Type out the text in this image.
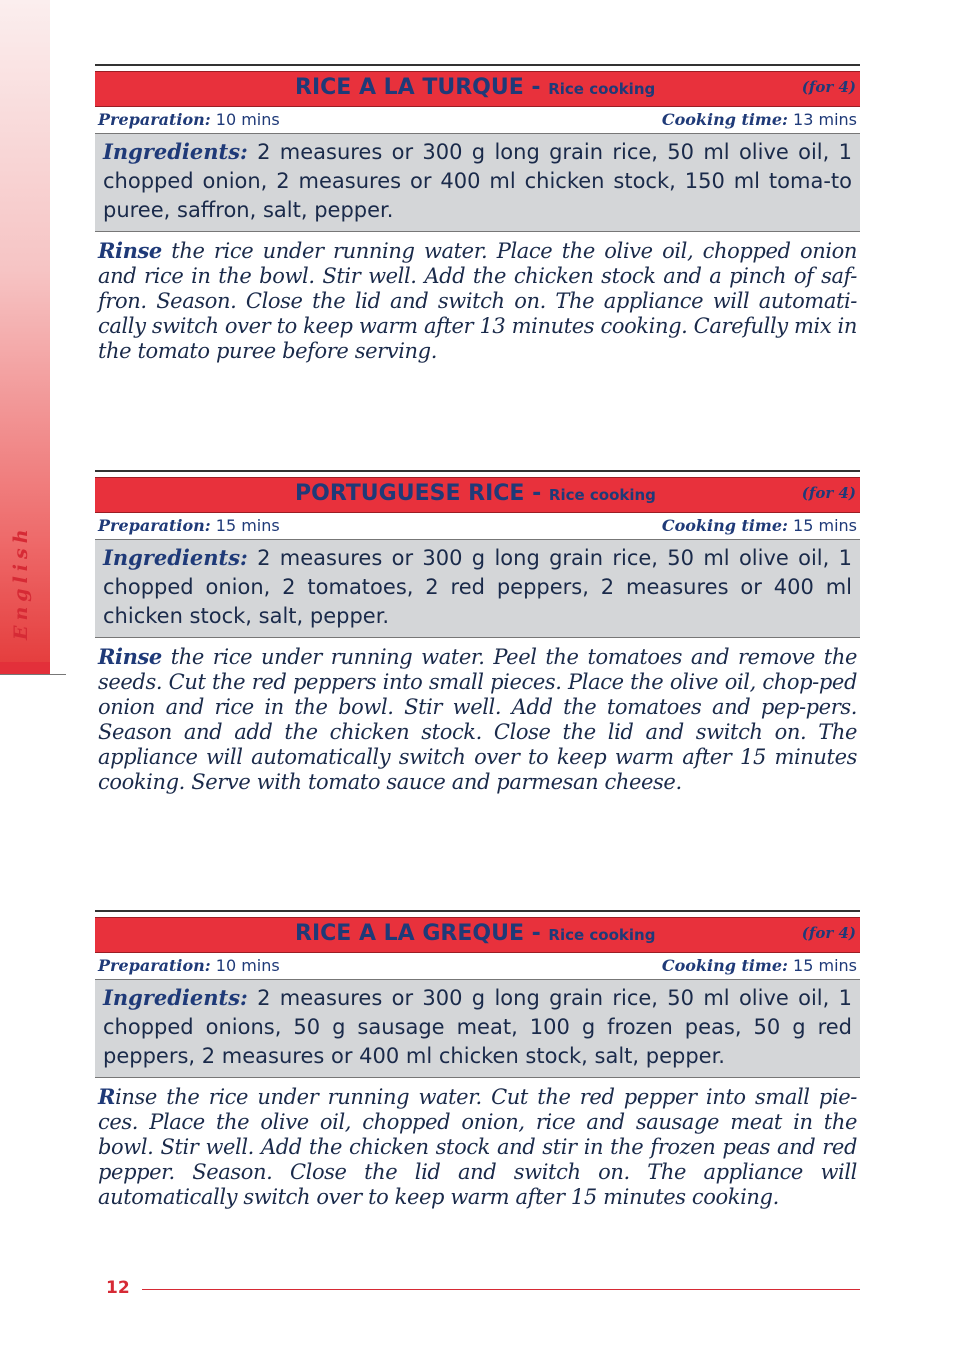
English
RICE A LA TURQUE - Rice cooking	(for 4)
Preparation: 10 mins	Cooking time: 13 mins
Ingredients: 2 measures or 300 g long grain rice, 50 ml olive oil, 1 chopped onion, 2 measures or 400 ml chicken stock, 150 ml toma-to puree, saffron, salt, pepper.
Rinse the rice under running water. Place the olive oil, chopped onion and rice in the bowl. Stir well. Add the chicken stock and a pinch of saf-fron. Season. Close the lid and switch on. The appliance will automati-cally switch over to keep warm after 13 minutes cooking. Carefully mix in the tomato puree before serving.
PORTUGUESE RICE - Rice cooking	(for 4)
Preparation: 15 mins	Cooking time: 15 mins
Ingredients: 2 measures or 300 g long grain rice, 50 ml olive oil, 1 chopped onion, 2 tomatoes, 2 red peppers, 2 measures or 400 ml chicken stock, salt, pepper.
Rinse the rice under running water. Peel the tomatoes and remove the seeds. Cut the red peppers into small pieces. Place the olive oil, chop-ped onion and rice in the bowl. Stir well. Add the tomatoes and pep-pers. Season and add the chicken stock. Close the lid and switch on. The appliance will automatically switch over to keep warm after 15 minutes cooking. Serve with tomato sauce and parmesan cheese.
RICE A LA GREQUE - Rice cooking	(for 4)
Preparation: 10 mins	Cooking time: 15 mins
Ingredients: 2 measures or 300 g long grain rice, 50 ml olive oil, 1 chopped onions, 50 g sausage meat, 100 g frozen peas, 50 g red peppers, 2 measures or 400 ml chicken stock, salt, pepper.
Rinse the rice under running water. Cut the red pepper into small pie-ces. Place the olive oil, chopped onion, rice and sausage meat in the bowl. Stir well. Add the chicken stock and stir in the frozen peas and red pepper. Season. Close the lid and switch on. The appliance will automatically switch over to keep warm after 15 minutes cooking.
12
